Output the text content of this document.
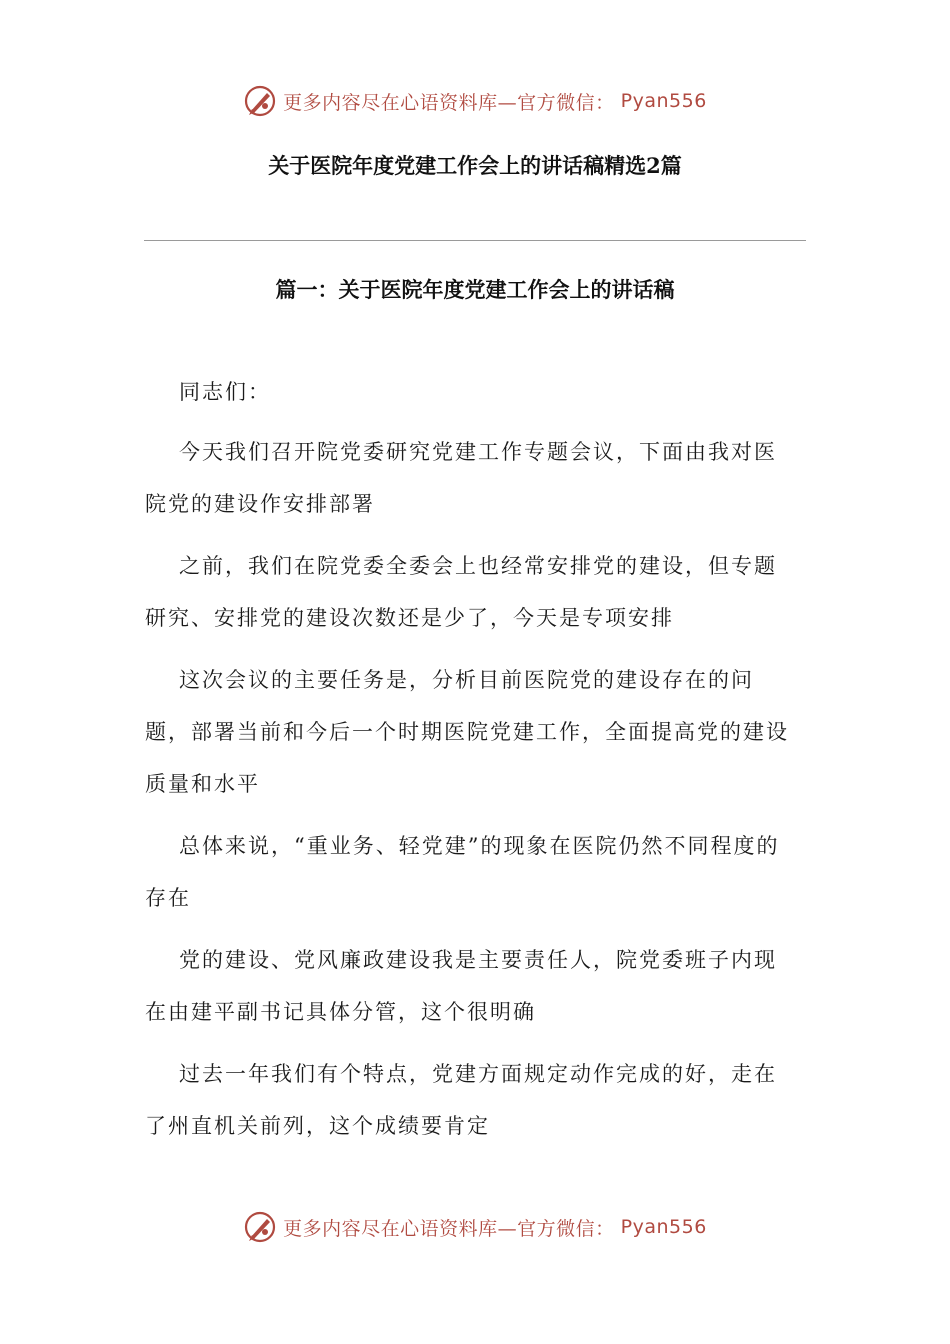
更多内容尽在心语资料库—官方微信： Pyan556
关于医院年度党建工作会上的讲话稿精选2篇
篇一：关于医院年度党建工作会上的讲话稿

同志们：

今天我们召开院党委研究党建工作专题会议，下面由我对医院党的建设作安排部署

之前，我们在院党委全委会上也经常安排党的建设，但专题研究、安排党的建设次数还是少了，今天是专项安排

这次会议的主要任务是，分析目前医院党的建设存在的问题，部署当前和今后一个时期医院党建工作，全面提高党的建设质量和水平

总体来说，“重业务、轻党建”的现象在医院仍然不同程度的存在

党的建设、党风廉政建设我是主要责任人，院党委班子内现在由建平副书记具体分管，这个很明确

过去一年我们有个特点，党建方面规定动作完成的好，走在了州直机关前列，这个成绩要肯定

更多内容尽在心语资料库—官方微信： Pyan556
